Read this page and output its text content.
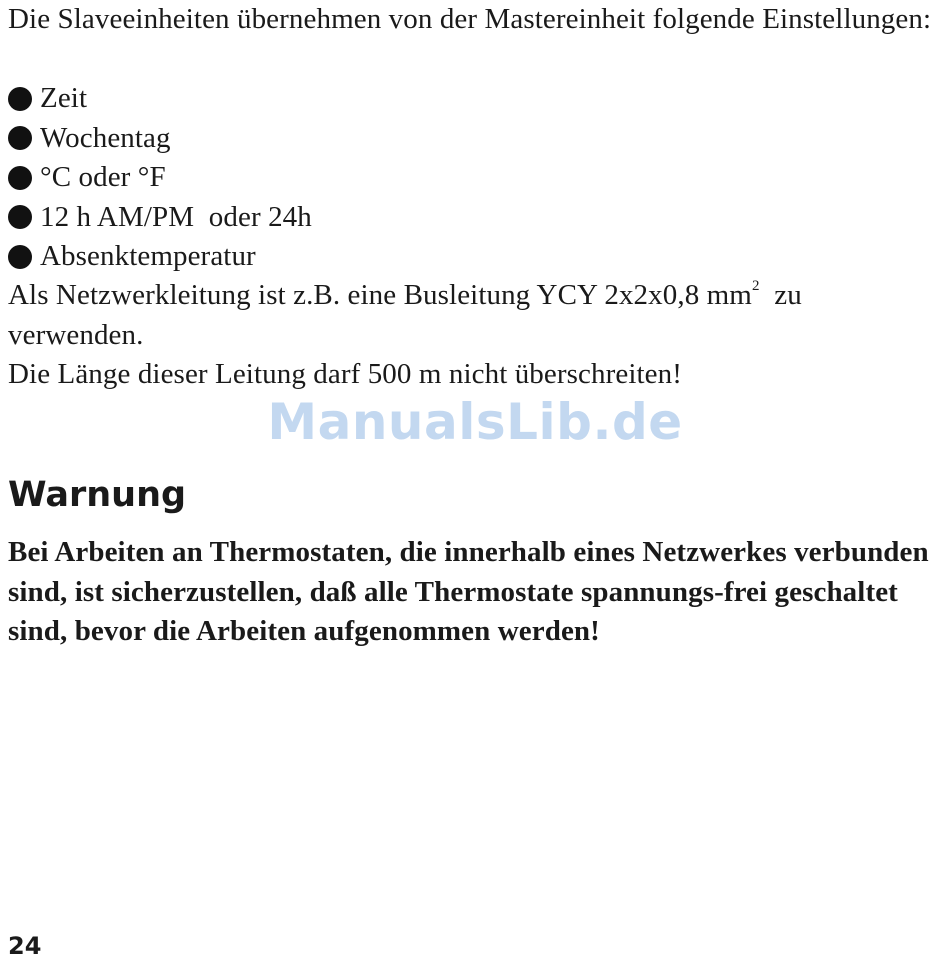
Die Slaveeinheiten übernehmen von der Mastereinheit folgende Einstellungen:

Zeit
Wochentag
°C oder °F
12 h AM/PM  oder 24h
Absenktemperatur

Als Netzwerkleitung ist z.B. eine Busleitung YCY 2x2x0,8 $mm^2$  zu verwenden.

Die Länge dieser Leitung darf 500 m nicht überschreiten!

ManualsLib.de
Warnung

Bei Arbeiten an Thermostaten, die innerhalb eines Netzwerkes verbunden sind, ist sicherzustellen, daß alle Thermostate spannungs-frei geschaltet sind, bevor die Arbeiten aufgenommen werden!

24
